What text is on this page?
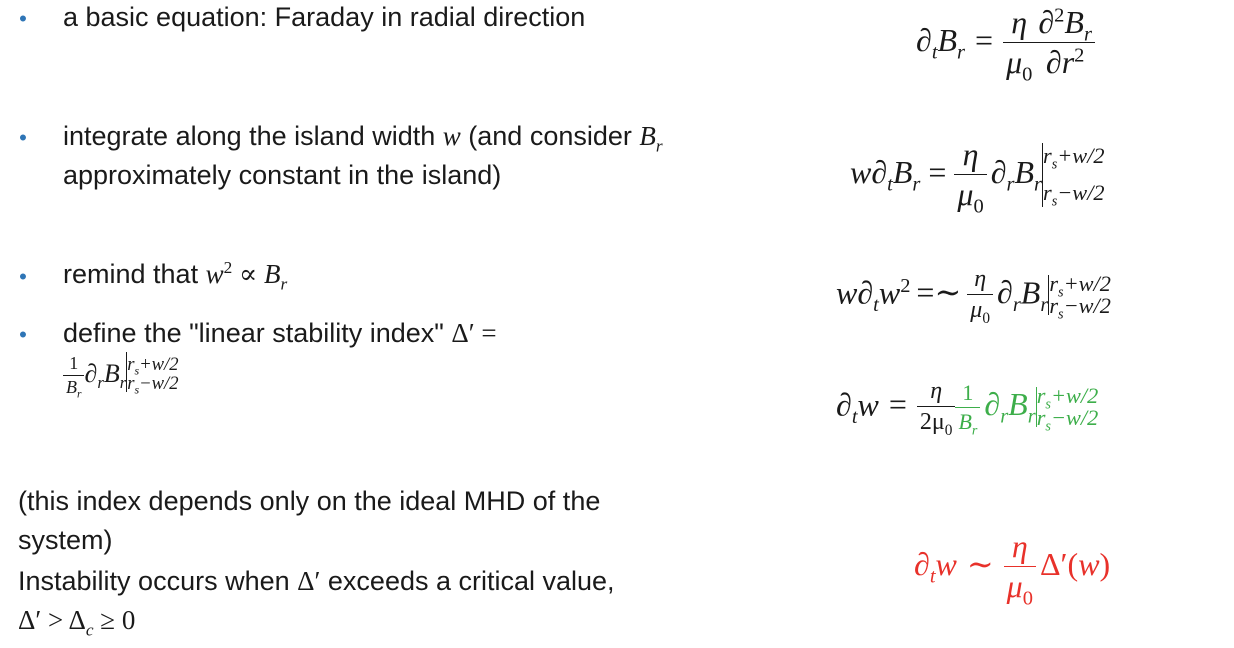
• a basic equation: Faraday in radial direction
• integrate along the island width w (and consider $B_r$ approximately constant in the island)
• remind that $w^2 \propto B_r$
• define the "linear stability index" Δ′ =
$\frac{1}{B_r} \partial_rB_r$
$r_s+w/2$
$r_s-w/2$
(this index depends only on the ideal MHD of the system)
Instability occurs when Δ′ exceeds a critical value,
$\Delta' > \Delta_c \ge 0$
$\partial_tB_r = \frac{\eta}{\mu_0} \frac{\partial^2B_r}{\partial r^2}$
$w\partial_tB_r = \frac{\eta}{\mu_0} \partial_rB_r$
$r_s+w/2$
$r_s-w/2$
$w\partial_tw^2$ =∼ $\frac{\eta}{\mu_0} \partial_rB_r$
$r_s+w/2$
$r_s-w/2$
$\partial_tw = \frac{\eta}{2\mu_0} \frac{1}{B_r} \partial_rB_r$
$r_s+w/2$
$r_s-w/2$
$\partial_tw$ ∼ $\frac{\eta}{\mu_0} \Delta'(w)$
